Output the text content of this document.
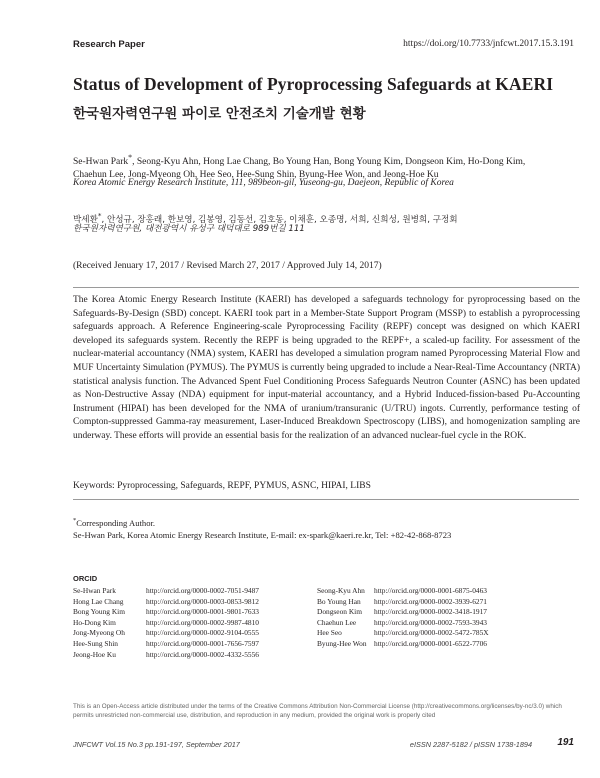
Research Paper	https://doi.org/10.7733/jnfcwt.2017.15.3.191
Status of Development of Pyroprocessing Safeguards at KAERI
한국원자력연구원 파이로 안전조치 기술개발 현황
Se-Hwan Park*, Seong-Kyu Ahn, Hong Lae Chang, Bo Young Han, Bong Young Kim, Dongseon Kim, Ho-Dong Kim, Chaehun Lee, Jong-Myeong Oh, Hee Seo, Hee-Sung Shin, Byung-Hee Won, and Jeong-Hoe Ku
Korea Atomic Energy Research Institute, 111, 989beon-gil, Yuseong-gu, Daejeon, Republic of Korea
박세환*, 안성규, 장홍래, 한보영, 김봉영, 김동선, 김호동, 이채훈, 오종명, 서희, 신희성, 원병희, 구정회
한국원자력연구원, 대전광역시 유성구 대덕대로 989번길 111
(Received Jenuary 17, 2017 / Revised March 27, 2017 / Approved July 14, 2017)
The Korea Atomic Energy Research Institute (KAERI) has developed a safeguards technology for pyroprocessing based on the Safeguards-By-Design (SBD) concept. KAERI took part in a Member-State Support Program (MSSP) to establish a pyroprocessing safeguards approach. A Reference Engineering-scale Pyroprocessing Facility (REPF) concept was designed on which KAERI developed its safeguards system. Recently the REPF is being upgraded to the REPF+, a scaled-up facility. For assessment of the nuclear-material accountancy (NMA) system, KAERI has developed a simulation program named Pyroprocessing Material Flow and MUF Uncertainty Simulation (PYMUS). The PYMUS is currently being upgraded to include a Near-Real-Time Accountancy (NRTA) statistical analysis function. The Advanced Spent Fuel Conditioning Process Safeguards Neutron Counter (ASNC) has been updated as Non-Destructive Assay (NDA) equipment for input-material accountancy, and a Hybrid Induced-fission-based Pu-Accounting Instrument (HIPAI) has been developed for the NMA of uranium/transuranic (U/TRU) ingots. Currently, performance testing of Compton-suppressed Gamma-ray measurement, Laser-Induced Breakdown Spectroscopy (LIBS), and homogenization sampling are underway. These efforts will provide an essential basis for the realization of an advanced nuclear-fuel cycle in the ROK.
Keywords: Pyroprocessing, Safeguards, REPF, PYMUS, ASNC, HIPAI, LIBS
*Corresponding Author.
Se-Hwan Park, Korea Atomic Energy Research Institute, E-mail: ex-spark@kaeri.re.kr, Tel: +82-42-868-8723
ORCID
Se-Hwan Park	http://orcid.org/0000-0002-7051-9487
Hong Lae Chang	http://orcid.org/0000-0003-0853-9812
Bong Young Kim	http://orcid.org/0000-0001-9801-7633
Ho-Dong Kim	http://orcid.org/0000-0002-9987-4810
Jong-Myeong Oh	http://orcid.org/0000-0002-9104-0555
Hee-Sung Shin	http://orcid.org/0000-0001-7656-7597
Jeong-Hoe Ku	http://orcid.org/0000-0002-4332-5556
Seong-Kyu Ahn	http://orcid.org/0000-0001-6875-0463
Bo Young Han	http://orcid.org/0000-0002-3939-6271
Dongseon Kim	http://orcid.org/0000-0002-3418-1917
Chaehun Lee	http://orcid.org/0000-0002-7593-3943
Hee Seo	http://orcid.org/0000-0002-5472-785X
Byung-Hee Won	http://orcid.org/0000-0001-6522-7706
This is an Open-Access article distributed under the terms of the Creative Commons Attribution Non-Commercial License (http://creativecommons.org/licenses/by-nc/3.0) which permits unrestricted non-commercial use, distribution, and reproduction in any medium, provided the original work is properly cited
JNFCWT Vol.15 No.3 pp.191-197, September 2017	eISSN 2287-5182 / pISSN 1738-1894	191
